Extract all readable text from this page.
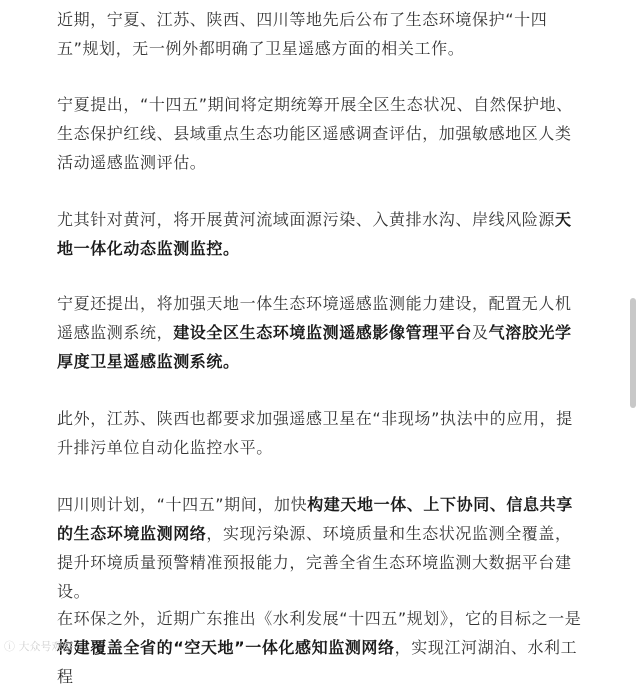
近期，宁夏、江苏、陕西、四川等地先后公布了生态环境保护“十四五”规划，无一例外都明确了卫星遥感方面的相关工作。

宁夏提出，“十四五”期间将定期统筹开展全区生态状况、自然保护地、生态保护红线、县域重点生态功能区遥感调查评估，加强敏感地区人类活动遥感监测评估。

尤其针对黄河，将开展黄河流域面源污染、入黄排水沟、岸线风险源天地一体化动态监测监控。

宁夏还提出，将加强天地一体生态环境遥感监测能力建设，配置无人机遥感监测系统，建设全区生态环境监测遥感影像管理平台及气溶胶光学厚度卫星遥感监测系统。

此外，江苏、陕西也都要求加强遥感卫星在“非现场”执法中的应用，提升排污单位自动化监控水平。

四川则计划，“十四五”期间，加快构建天地一体、上下协同、信息共享的生态环境监测网络，实现污染源、环境质量和生态状况监测全覆盖，提升环境质量预警精准预报能力，完善全省生态环境监测大数据平台建设。

在环保之外，近期广东推出《水利发展“十四五”规划》，它的目标之一是构建覆盖全省的“空天地”一体化感知监测网络，实现江河湖泊、水利工程

ⓘ 大众号观察
